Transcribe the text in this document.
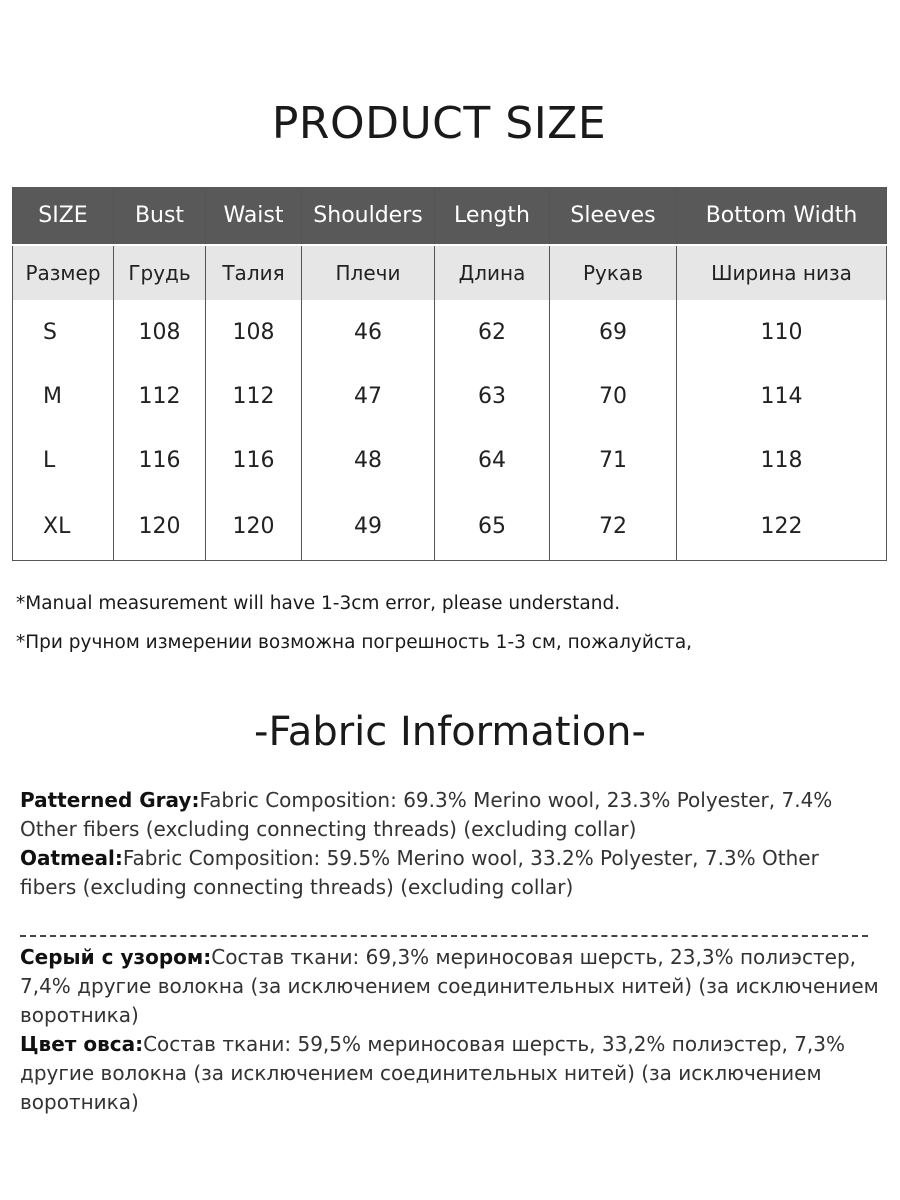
PRODUCT SIZE
SIZE	Bust	Waist	Shoulders	Length	Sleeves	Bottom Width
Размер	Грудь	Талия	Плечи	Длина	Рукав	Ширина низа
S	108	108	46	62	69	110
M	112	112	47	63	70	114
L	116	116	48	64	71	118
XL	120	120	49	65	72	122

*Manual measurement will have 1-3cm error, please understand.

*При ручном измерении возможна погрешность 1-3 см, пожалуйста,

-Fabric Information-

Patterned Gray:Fabric Composition: 69.3% Merino wool, 23.3% Polyester, 7.4% Other fibers (excluding connecting threads) (excluding collar)

Oatmeal:Fabric Composition: 59.5% Merino wool, 33.2% Polyester, 7.3% Other fibers (excluding connecting threads) (excluding collar)

Серый с узором:Состав ткани: 69,3% мериносовая шерсть, 23,3% полиэстер, 7,4% другие волокна (за исключением соединительных нитей) (за исключением воротника)

Цвет овса:Состав ткани: 59,5% мериносовая шерсть, 33,2% полиэстер, 7,3% другие волокна (за исключением соединительных нитей) (за исключением воротника)
